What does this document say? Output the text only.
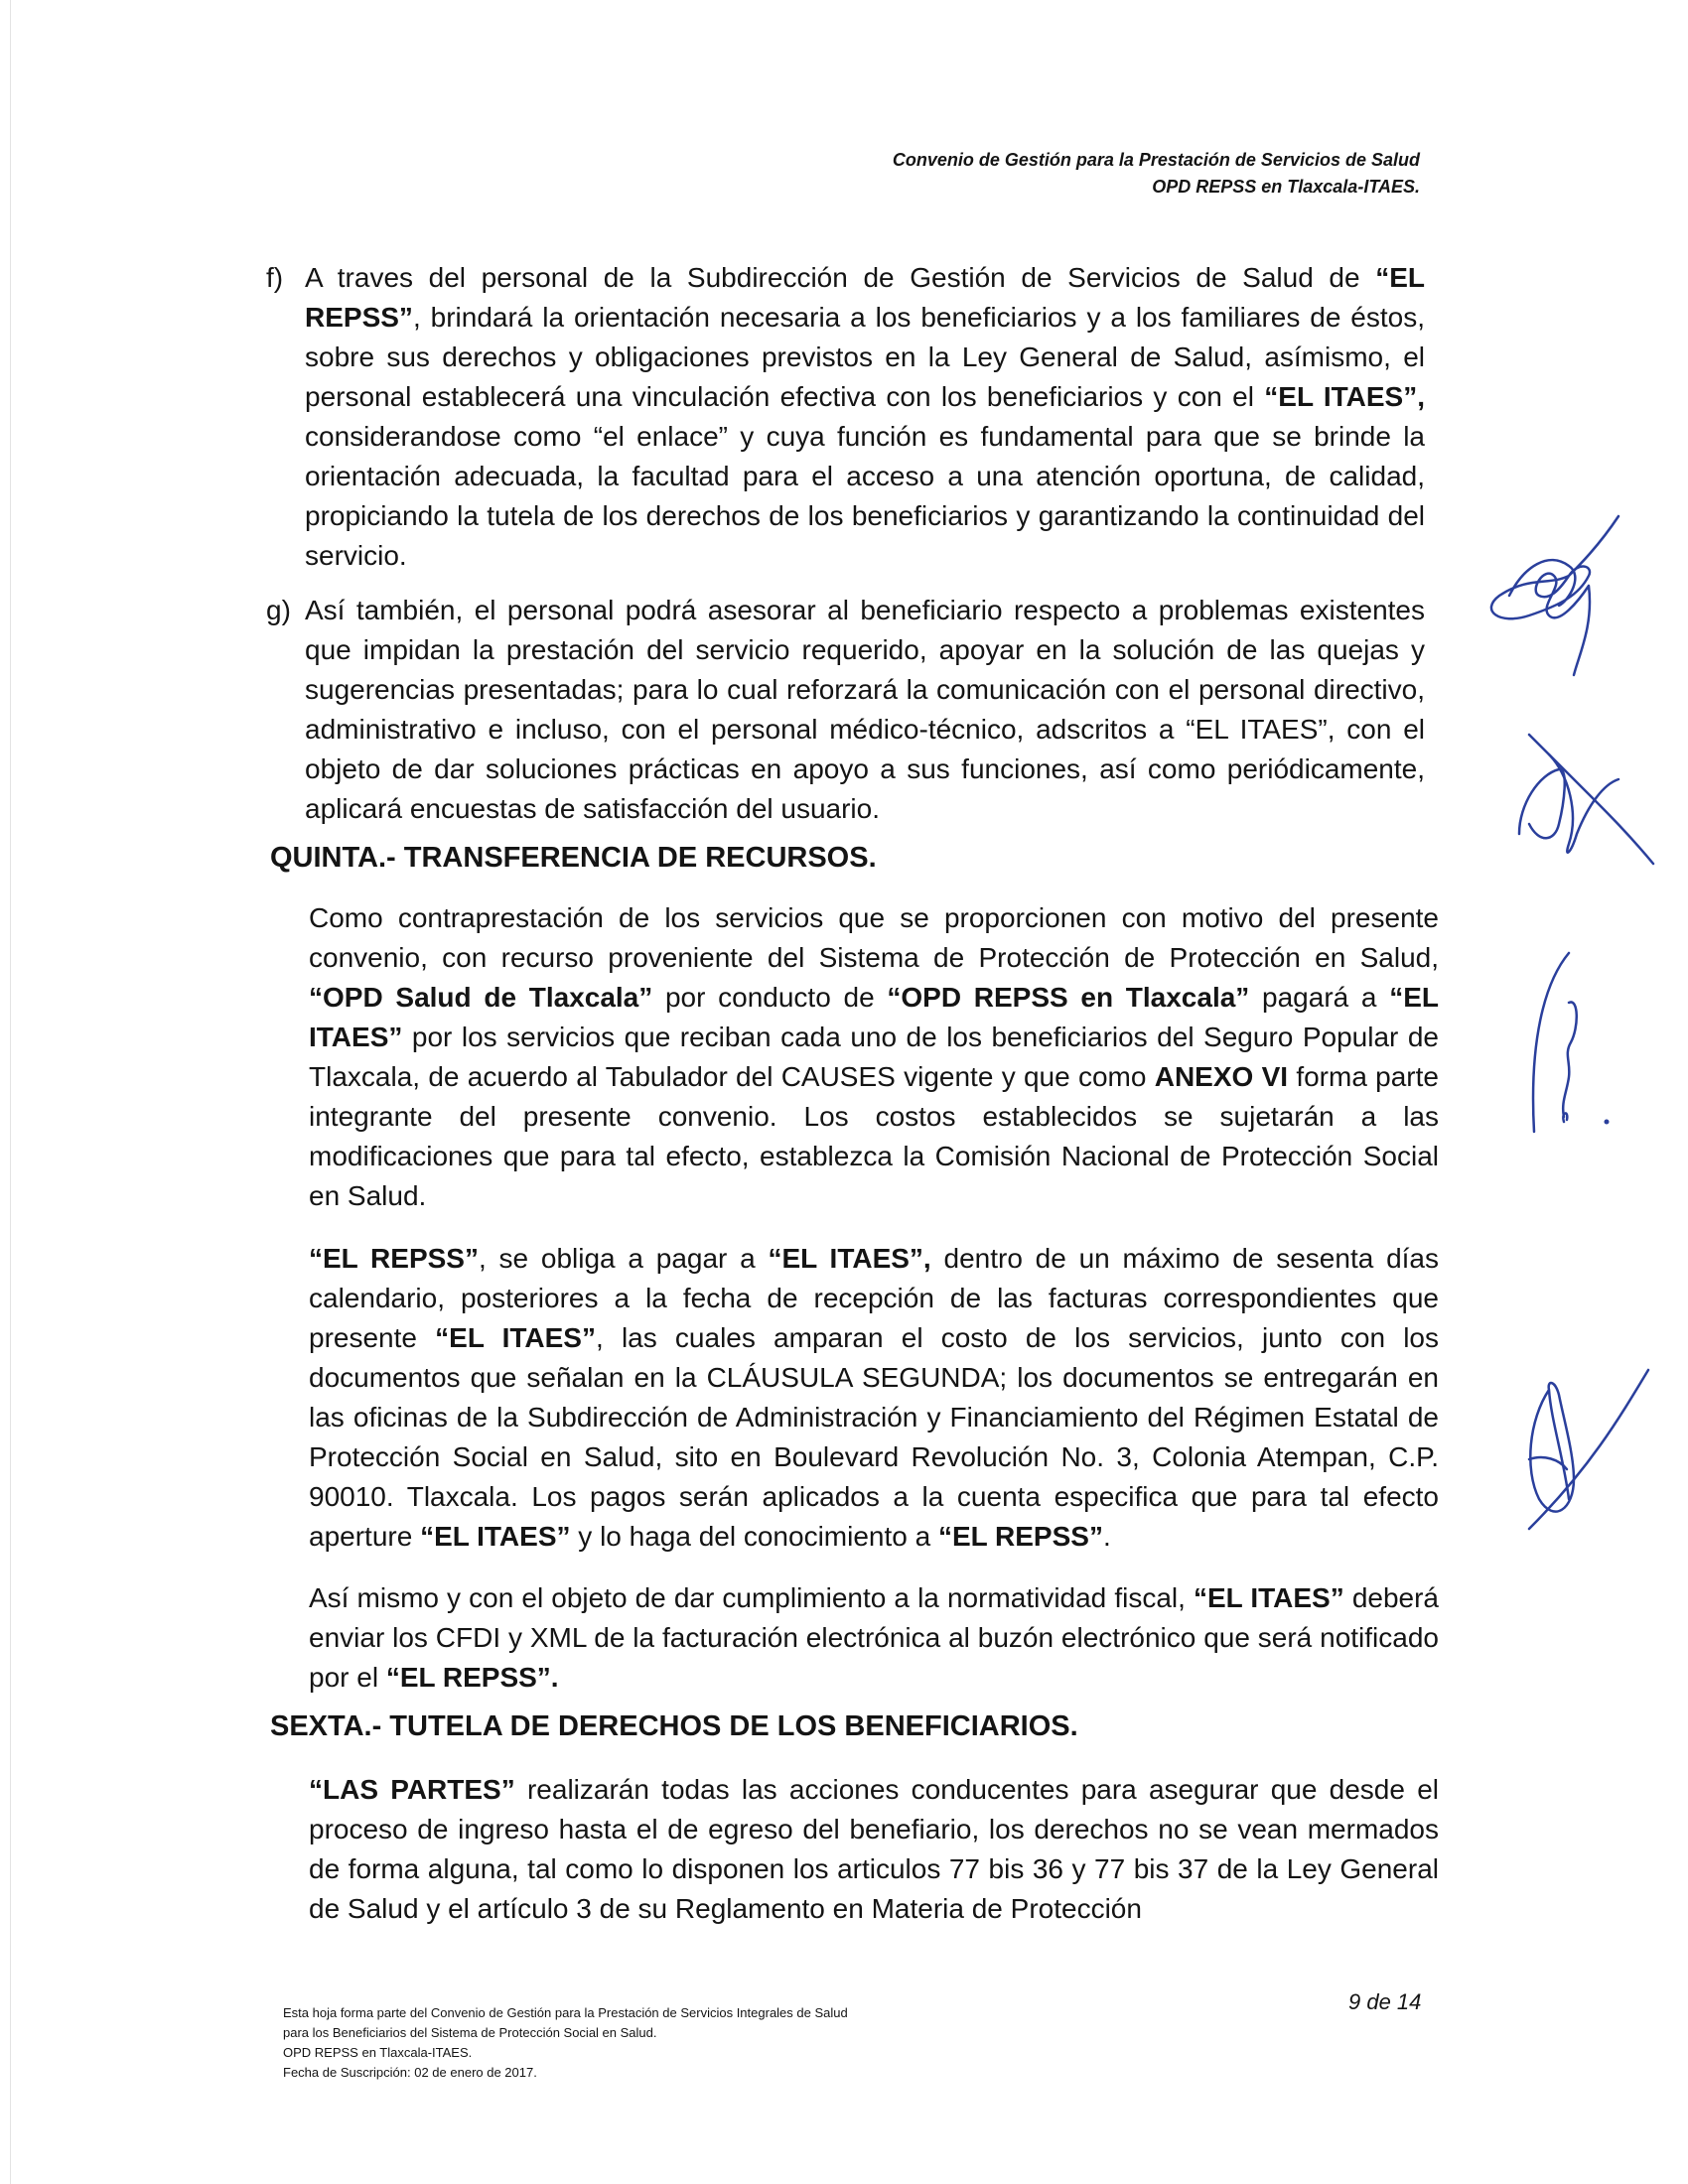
Convenio de Gestión para la Prestación de Servicios de Salud
OPD REPSS en Tlaxcala-ITAES.
f) A traves del personal de la Subdirección de Gestión de Servicios de Salud de “EL REPSS”, brindará la orientación necesaria a los beneficiarios y a los familiares de éstos, sobre sus derechos y obligaciones previstos en la Ley General de Salud, asímismo, el personal establecerá una vinculación efectiva con los beneficiarios y con el “EL ITAES”, considerandose como “el enlace” y cuya función es fundamental para que se brinde la orientación adecuada, la facultad para el acceso a una atención oportuna, de calidad, propiciando la tutela de los derechos de los beneficiarios y garantizando la continuidad del servicio.

g) Así también, el personal podrá asesorar al beneficiario respecto a problemas existentes que impidan la prestación del servicio requerido, apoyar en la solución de las quejas y sugerencias presentadas; para lo cual reforzará la comunicación con el personal directivo, administrativo e incluso, con el personal médico-técnico, adscritos a “EL ITAES”, con el objeto de dar soluciones prácticas en apoyo a sus funciones, así como periódicamente, aplicará encuestas de satisfacción del usuario.

QUINTA.- TRANSFERENCIA DE RECURSOS.

Como contraprestación de los servicios que se proporcionen con motivo del presente convenio, con recurso proveniente del Sistema de Protección de Protección en Salud, “OPD Salud de Tlaxcala” por conducto de “OPD REPSS en Tlaxcala” pagará a “EL ITAES” por los servicios que reciban cada uno de los beneficiarios del Seguro Popular de Tlaxcala, de acuerdo al Tabulador del CAUSES vigente y que como ANEXO VI forma parte integrante del presente convenio. Los costos establecidos se sujetarán a las modificaciones que para tal efecto, establezca la Comisión Nacional de Protección Social en Salud.

“EL REPSS”, se obliga a pagar a “EL ITAES”, dentro de un máximo de sesenta días calendario, posteriores a la fecha de recepción de las facturas correspondientes que presente “EL ITAES”, las cuales amparan el costo de los servicios, junto con los documentos que señalan en la CLÁUSULA SEGUNDA; los documentos se entregarán en las oficinas de la Subdirección de Administración y Financiamiento del Régimen Estatal de Protección Social en Salud, sito en Boulevard Revolución No. 3, Colonia Atempan, C.P. 90010. Tlaxcala. Los pagos serán aplicados a la cuenta especifica que para tal efecto aperture “EL ITAES” y lo haga del conocimiento a “EL REPSS”.

Así mismo y con el objeto de dar cumplimiento a la normatividad fiscal, “EL ITAES” deberá enviar los CFDI y XML de la facturación electrónica al buzón electrónico que será notificado por el “EL REPSS”.

SEXTA.- TUTELA DE DERECHOS DE LOS BENEFICIARIOS.

“LAS PARTES” realizarán todas las acciones conducentes para asegurar que desde el proceso de ingreso hasta el de egreso del benefiario, los derechos no se vean mermados de forma alguna, tal como lo disponen los articulos 77 bis 36 y 77 bis 37 de la Ley General de Salud y el artículo 3 de su Reglamento en Materia de Protección

Esta hoja forma parte del Convenio de Gestión para la Prestación de Servicios Integrales de Salud
para los Beneficiarios del Sistema de Protección Social en Salud.
OPD REPSS en Tlaxcala-ITAES.
Fecha de Suscripción: 02 de enero de 2017.
9 de 14
